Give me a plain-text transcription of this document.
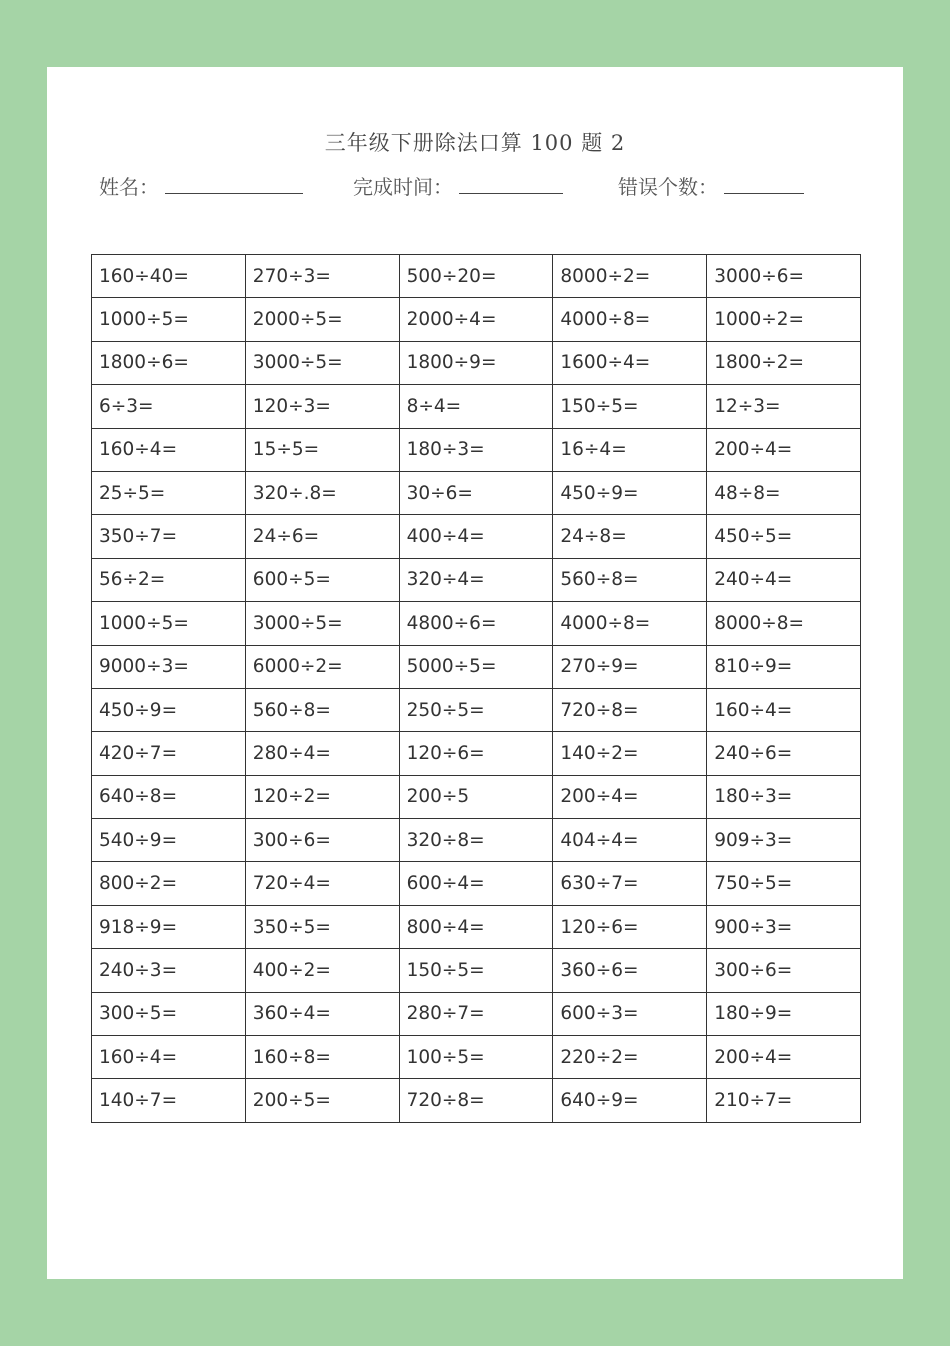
三年级下册除法口算 100 题 2
姓名：	完成时间：	错误个数：
160÷40=	270÷3=	500÷20=	8000÷2=	3000÷6=
1000÷5=	2000÷5=	2000÷4=	4000÷8=	1000÷2=
1800÷6=	3000÷5=	1800÷9=	1600÷4=	1800÷2=
6÷3=	120÷3=	8÷4=	150÷5=	12÷3=
160÷4=	15÷5=	180÷3=	16÷4=	200÷4=
25÷5=	320÷.8=	30÷6=	450÷9=	48÷8=
350÷7=	24÷6=	400÷4=	24÷8=	450÷5=
56÷2=	600÷5=	320÷4=	560÷8=	240÷4=
1000÷5=	3000÷5=	4800÷6=	4000÷8=	8000÷8=
9000÷3=	6000÷2=	5000÷5=	270÷9=	810÷9=
450÷9=	560÷8=	250÷5=	720÷8=	160÷4=
420÷7=	280÷4=	120÷6=	140÷2=	240÷6=
640÷8=	120÷2=	200÷5	200÷4=	180÷3=
540÷9=	300÷6=	320÷8=	404÷4=	909÷3=
800÷2=	720÷4=	600÷4=	630÷7=	750÷5=
918÷9=	350÷5=	800÷4=	120÷6=	900÷3=
240÷3=	400÷2=	150÷5=	360÷6=	300÷6=
300÷5=	360÷4=	280÷7=	600÷3=	180÷9=
160÷4=	160÷8=	100÷5=	220÷2=	200÷4=
140÷7=	200÷5=	720÷8=	640÷9=	210÷7=
